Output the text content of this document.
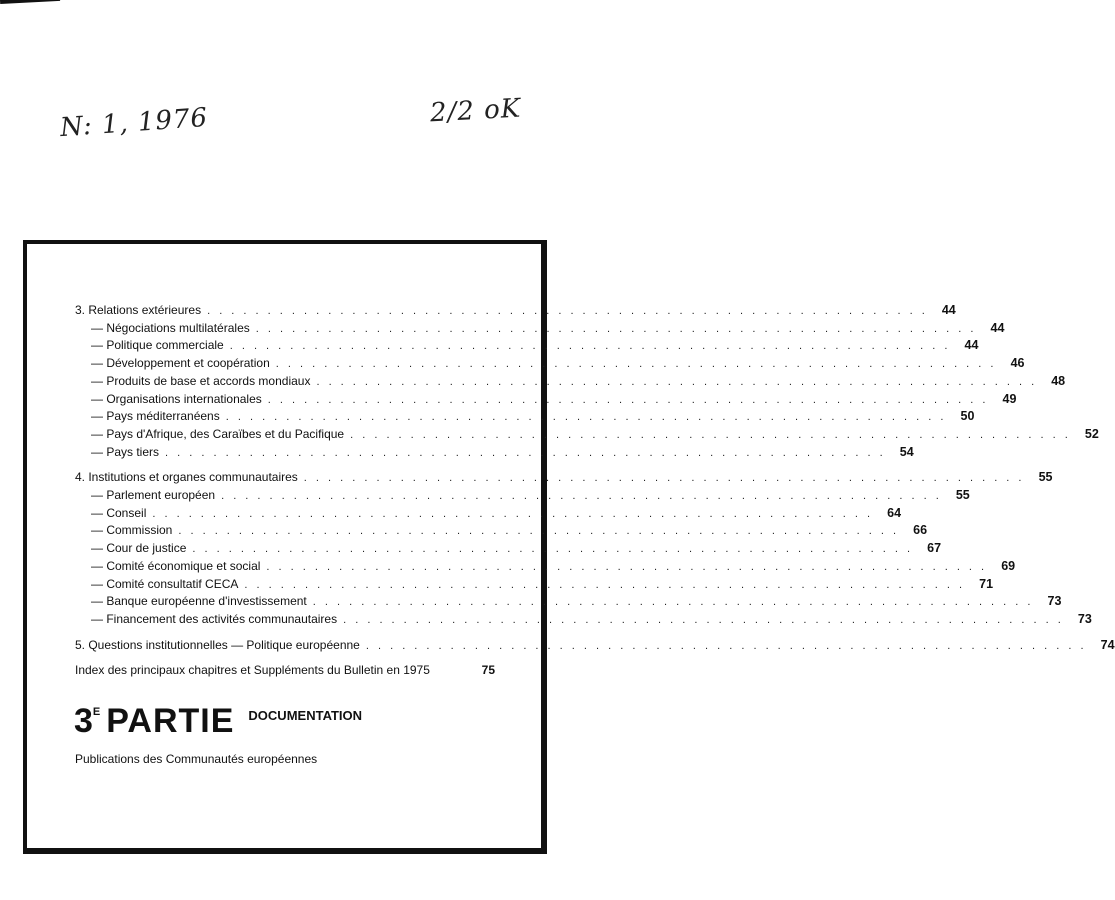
N: 1, 1976	2/2 oK
3. Relations extérieures . . . . . . . . . . . . . . . . . . . . . . . . . . . . . . . . . . . . . . . . . . . . . . . . . . . . . . . . . . . .	44
— Négociations multilatérales . . . . . . . . . . . . . . . . . . . . . . . . . . . . . . . . . . . . . . . . . . . . . . . . . . . . . . . . . . . .	44
— Politique commerciale . . . . . . . . . . . . . . . . . . . . . . . . . . . . . . . . . . . . . . . . . . . . . . . . . . . . . . . . . . . .	44
— Développement et coopération . . . . . . . . . . . . . . . . . . . . . . . . . . . . . . . . . . . . . . . . . . . . . . . . . . . . . . . . . . . .	46
— Produits de base et accords mondiaux . . . . . . . . . . . . . . . . . . . . . . . . . . . . . . . . . . . . . . . . . . . . . . . . . . . . . . . . . . . .	48
— Organisations internationales . . . . . . . . . . . . . . . . . . . . . . . . . . . . . . . . . . . . . . . . . . . . . . . . . . . . . . . . . . . .	49
— Pays méditerranéens . . . . . . . . . . . . . . . . . . . . . . . . . . . . . . . . . . . . . . . . . . . . . . . . . . . . . . . . . . . .	50
— Pays d'Afrique, des Caraïbes et du Pacifique . . . . . . . . . . . . . . . . . . . . . . . . . . . . . . . . . . . . . . . . . . . . . . . . . . . . . . . . . . . .	52
— Pays tiers . . . . . . . . . . . . . . . . . . . . . . . . . . . . . . . . . . . . . . . . . . . . . . . . . . . . . . . . . . . .	54
4. Institutions et organes communautaires . . . . . . . . . . . . . . . . . . . . . . . . . . . . . . . . . . . . . . . . . . . . . . . . . . . . . . . . . . . .	55
— Parlement européen . . . . . . . . . . . . . . . . . . . . . . . . . . . . . . . . . . . . . . . . . . . . . . . . . . . . . . . . . . . .	55
— Conseil . . . . . . . . . . . . . . . . . . . . . . . . . . . . . . . . . . . . . . . . . . . . . . . . . . . . . . . . . . . .	64
— Commission . . . . . . . . . . . . . . . . . . . . . . . . . . . . . . . . . . . . . . . . . . . . . . . . . . . . . . . . . . . .	66
— Cour de justice . . . . . . . . . . . . . . . . . . . . . . . . . . . . . . . . . . . . . . . . . . . . . . . . . . . . . . . . . . . .	67
— Comité économique et social . . . . . . . . . . . . . . . . . . . . . . . . . . . . . . . . . . . . . . . . . . . . . . . . . . . . . . . . . . . .	69
— Comité consultatif CECA . . . . . . . . . . . . . . . . . . . . . . . . . . . . . . . . . . . . . . . . . . . . . . . . . . . . . . . . . . . .	71
— Banque européenne d'investissement . . . . . . . . . . . . . . . . . . . . . . . . . . . . . . . . . . . . . . . . . . . . . . . . . . . . . . . . . . . .	73
— Financement des activités communautaires . . . . . . . . . . . . . . . . . . . . . . . . . . . . . . . . . . . . . . . . . . . . . . . . . . . . . . . . . . . .	73
5. Questions institutionnelles — Politique européenne . . . . . . . . . . . . . . . . . . . . . . . . . . . . . . . . . . . . . . . . . . . . . . . . . . . . . . . . . . . .	74
Index des principaux chapitres et Suppléments du Bulletin en 1975	75
3 E PARTIE DOCUMENTATION
Publications des Communautés européennes
